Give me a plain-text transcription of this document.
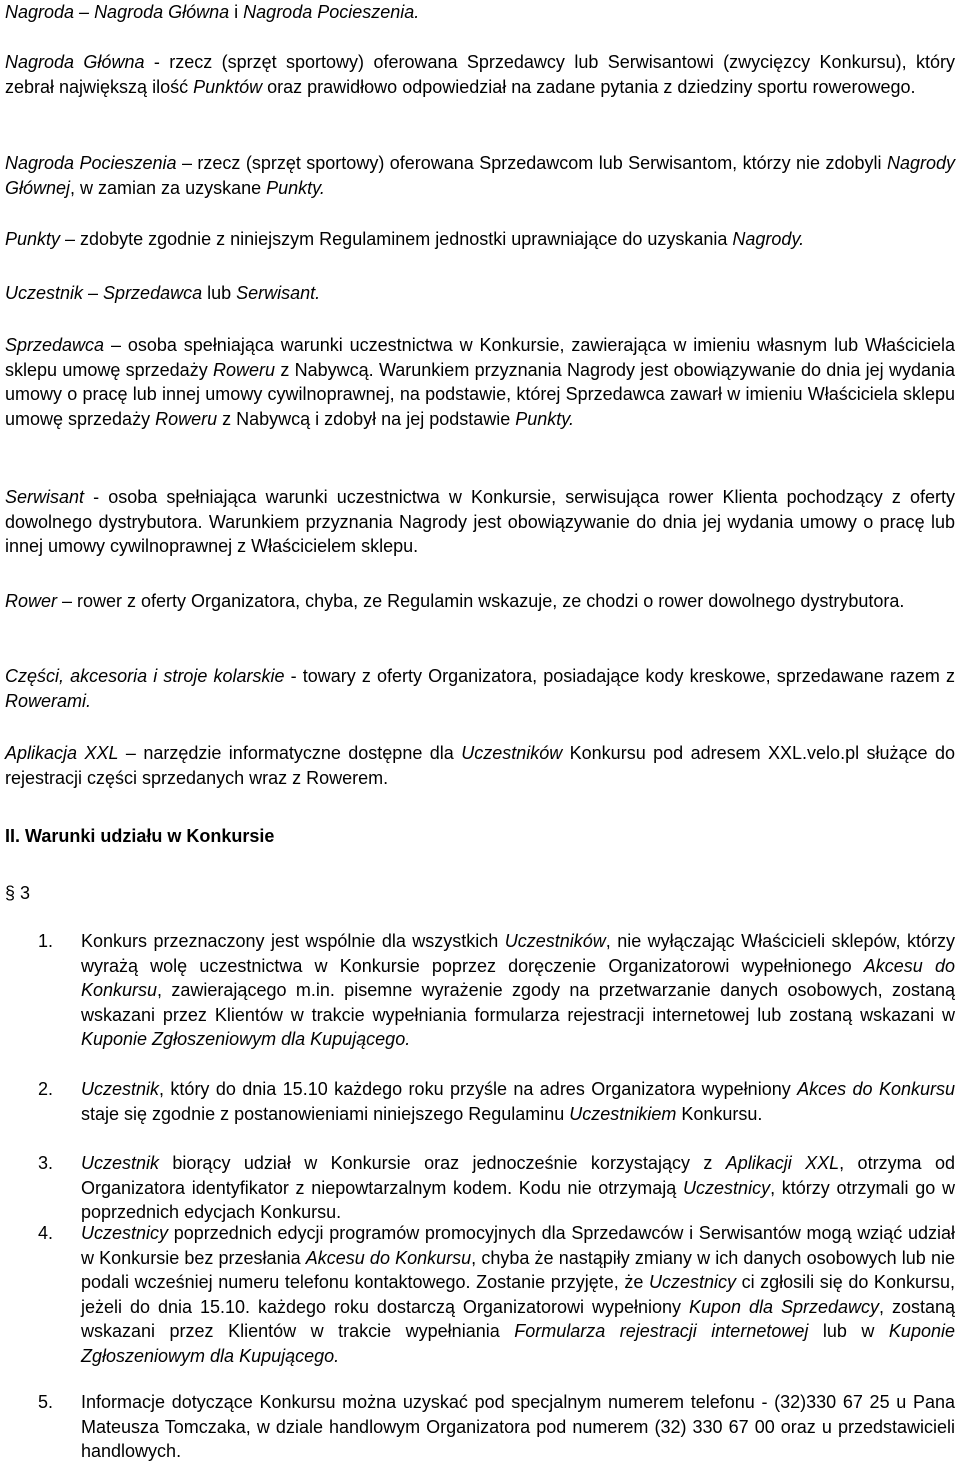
Nagroda – Nagroda Główna i Nagroda Pocieszenia.

Nagroda Główna - rzecz (sprzęt sportowy) oferowana Sprzedawcy lub Serwisantowi (zwycięzcy Konkursu), który zebrał największą ilość Punktów oraz prawidłowo odpowiedział na zadane pytania z dziedziny sportu rowerowego.

Nagroda Pocieszenia – rzecz (sprzęt sportowy) oferowana Sprzedawcom lub Serwisantom, którzy nie zdobyli Nagrody Głównej, w zamian za uzyskane Punkty.

Punkty – zdobyte zgodnie z niniejszym Regulaminem jednostki uprawniające do uzyskania Nagrody.

Uczestnik – Sprzedawca lub Serwisant.

Sprzedawca – osoba spełniająca warunki uczestnictwa w Konkursie, zawierająca w imieniu własnym lub Właściciela sklepu umowę sprzedaży Roweru z Nabywcą. Warunkiem przyznania Nagrody jest obowiązywanie do dnia jej wydania umowy o pracę lub innej umowy cywilnoprawnej, na podstawie, której Sprzedawca zawarł w imieniu Właściciela sklepu umowę sprzedaży Roweru z Nabywcą i zdobył na jej podstawie Punkty.

Serwisant - osoba spełniająca warunki uczestnictwa w Konkursie, serwisująca rower Klienta pochodzący z oferty dowolnego dystrybutora. Warunkiem przyznania Nagrody jest obowiązywanie do dnia jej wydania umowy o pracę lub innej umowy cywilnoprawnej z Właścicielem sklepu.

Rower – rower z oferty Organizatora, chyba, ze Regulamin wskazuje, ze chodzi o rower dowolnego dystrybutora.

Części, akcesoria i stroje kolarskie - towary z oferty Organizatora, posiadające kody kreskowe, sprzedawane razem z Rowerami.

Aplikacja XXL – narzędzie informatyczne dostępne dla Uczestników Konkursu pod adresem XXL.velo.pl służące do rejestracji części sprzedanych wraz z Rowerem.

II. Warunki udziału w Konkursie
§ 3
1.	Konkurs przeznaczony jest wspólnie dla wszystkich Uczestników, nie wyłączając Właścicieli sklepów, którzy wyrażą wolę uczestnictwa w Konkursie poprzez doręczenie Organizatorowi wypełnionego Akcesu do Konkursu, zawierającego m.in. pisemne wyrażenie zgody na przetwarzanie danych osobowych, zostaną wskazani przez Klientów w trakcie wypełniania formularza rejestracji internetowej lub zostaną wskazani w Kuponie Zgłoszeniowym dla Kupującego.
2.	Uczestnik, który do dnia 15.10 każdego roku przyśle na adres Organizatora wypełniony Akces do Konkursu staje się zgodnie z postanowieniami niniejszego Regulaminu Uczestnikiem Konkursu.
3.	Uczestnik biorący udział w Konkursie oraz jednocześnie korzystający z Aplikacji XXL, otrzyma od Organizatora identyfikator z niepowtarzalnym kodem. Kodu nie otrzymają Uczestnicy, którzy otrzymali go w poprzednich edycjach Konkursu.
4.	Uczestnicy poprzednich edycji programów promocyjnych dla Sprzedawców i Serwisantów mogą wziąć udział w Konkursie bez przesłania Akcesu do Konkursu, chyba że nastąpiły zmiany w ich danych osobowych lub nie podali wcześniej numeru telefonu kontaktowego. Zostanie przyjęte, że Uczestnicy ci zgłosili się do Konkursu, jeżeli do dnia 15.10. każdego roku dostarczą Organizatorowi wypełniony Kupon dla Sprzedawcy, zostaną wskazani przez Klientów w trakcie wypełniania Formularza rejestracji internetowej lub w Kuponie Zgłoszeniowym dla Kupującego.
5.	Informacje dotyczące Konkursu można uzyskać pod specjalnym numerem telefonu - (32)330 67 25 u Pana Mateusza Tomczaka, w dziale handlowym Organizatora pod numerem (32) 330 67 00 oraz u przedstawicieli handlowych.
